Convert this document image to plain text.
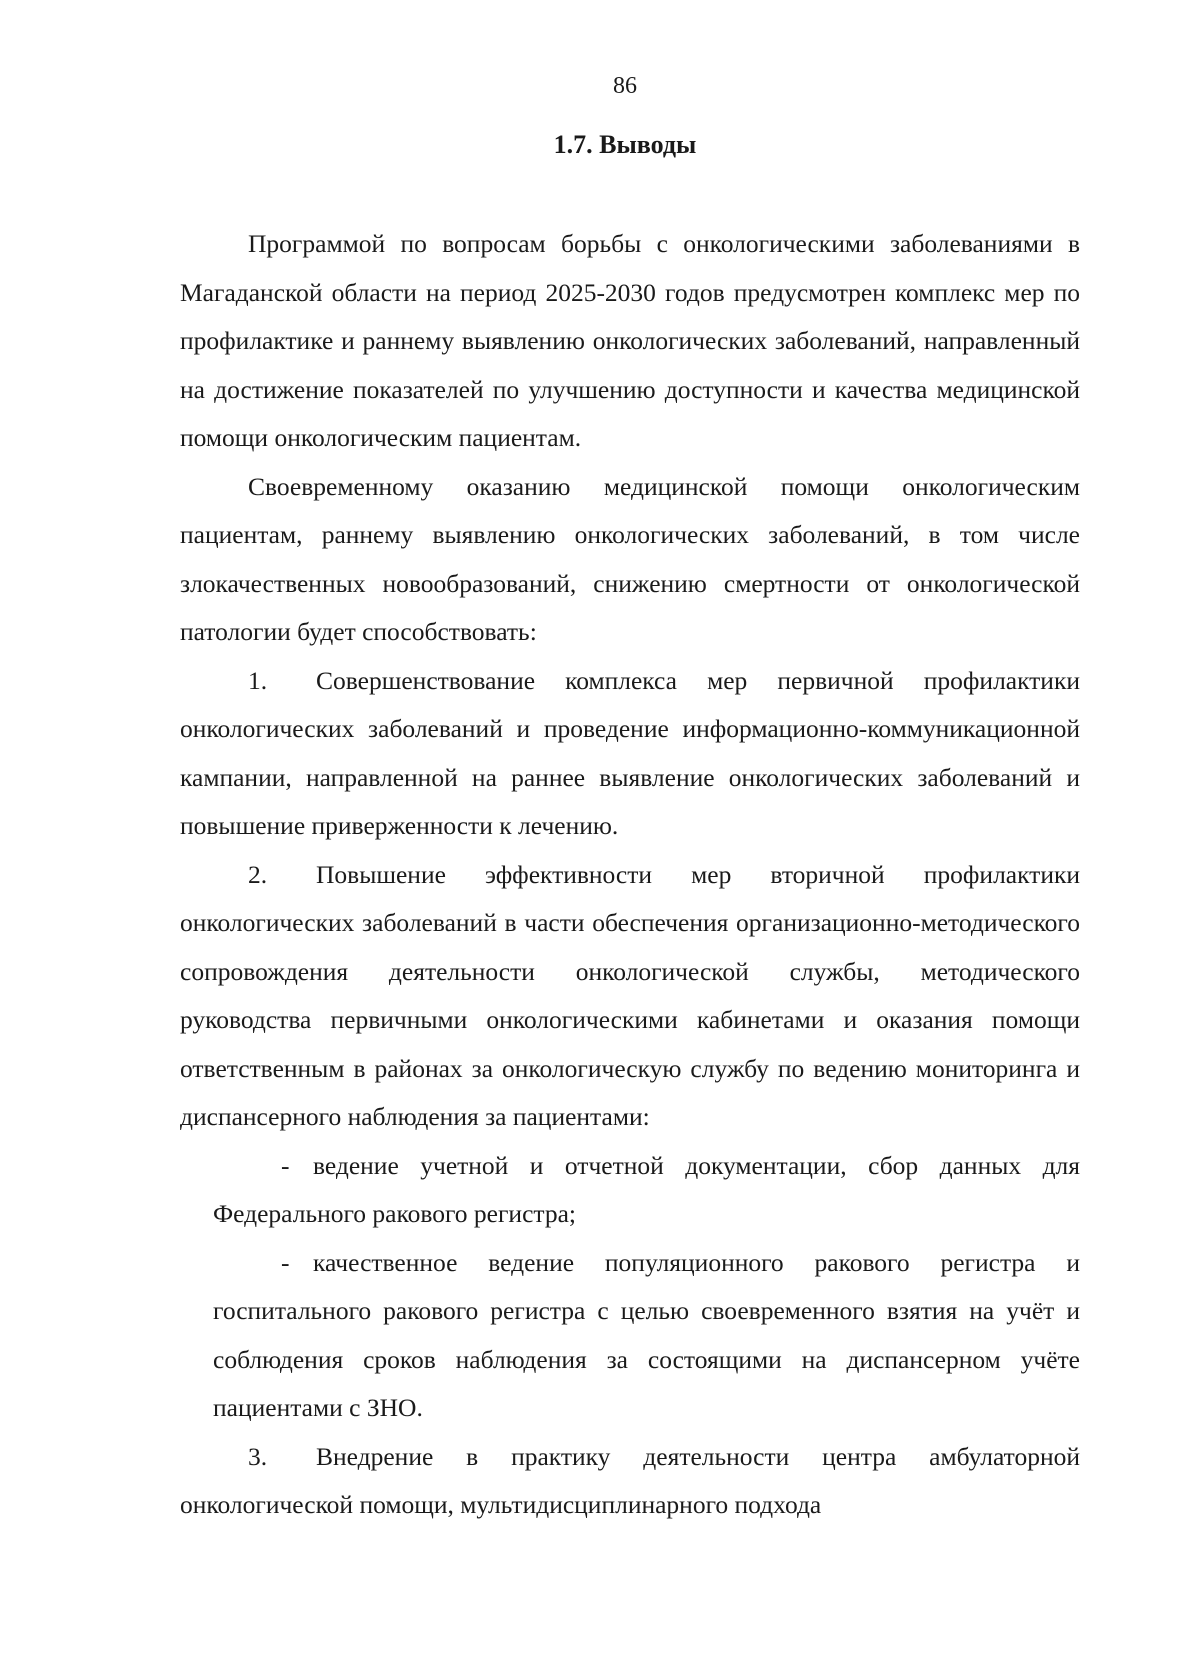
86
1.7. Выводы

Программой по вопросам борьбы с онкологическими заболеваниями в Магаданской области на период 2025-2030 годов предусмотрен комплекс мер по профилактике и раннему выявлению онкологических заболеваний, направленный на достижение показателей по улучшению доступности и качества медицинской помощи онкологическим пациентам.

Своевременному оказанию медицинской помощи онкологическим пациентам, раннему выявлению онкологических заболеваний, в том числе злокачественных новообразований, снижению смертности от онкологической патологии будет способствовать:

1. Совершенствование комплекса мер первичной профилактики онкологических заболеваний и проведение информационно-коммуникационной кампании, направленной на раннее выявление онкологических заболеваний и повышение приверженности к лечению.

2. Повышение эффективности мер вторичной профилактики онкологических заболеваний в части обеспечения организационно-методического сопровождения деятельности онкологической службы, методического руководства первичными онкологическими кабинетами и оказания помощи ответственным в районах за онкологическую службу по ведению мониторинга и диспансерного наблюдения за пациентами:

- ведение учетной и отчетной документации, сбор данных для Федерального ракового регистра;

- качественное ведение популяционного ракового регистра и госпитального ракового регистра с целью своевременного взятия на учёт и соблюдения сроков наблюдения за состоящими на диспансерном учёте пациентами с ЗНО.

3. Внедрение в практику деятельности центра амбулаторной онкологической помощи, мультидисциплинарного подхода
